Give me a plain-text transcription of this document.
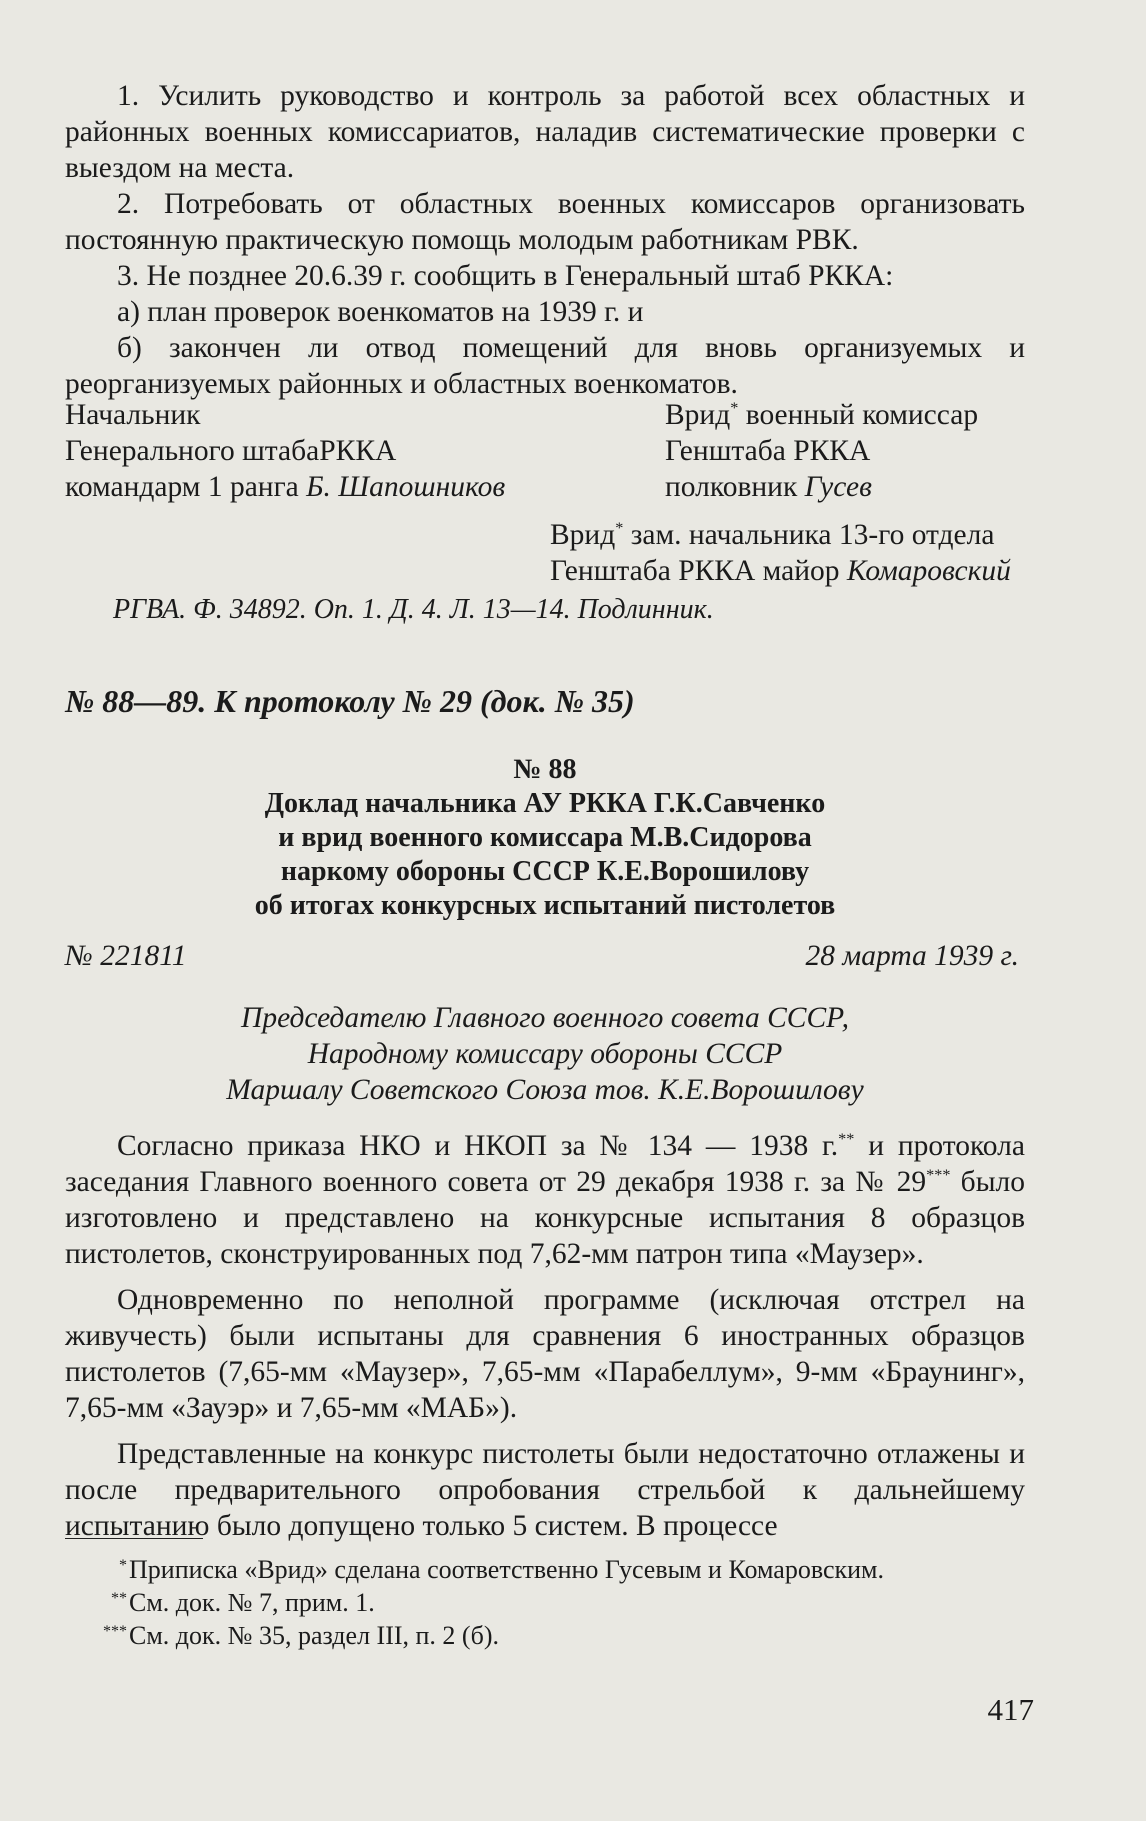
1. Усилить руководство и контроль за работой всех областных и районных военных комиссариатов, наладив систематические проверки с выездом на места.

2. Потребовать от областных военных комиссаров организовать постоянную практическую помощь молодым работникам РВК.

3. Не позднее 20.6.39 г. сообщить в Генеральный штаб РККА:

а) план проверок военкоматов на 1939 г. и

б) закончен ли отвод помещений для вновь организуемых и реорганизуемых районных и областных военкоматов.

Начальник

Генерального штабаРККА

командарм 1 ранга Б. Шапошников

Врид* военный комиссар

Генштаба РККА

полковник Гусев

Врид* зам. начальника 13-го отдела

Генштаба РККА майор Комаровский

РГВА. Ф. 34892. Оп. 1. Д. 4. Л. 13—14. Подлинник.

№ 88—89. К протоколу № 29 (док. № 35)

№ 88

Доклад начальника АУ РККА Г.К.Савченко

и врид военного комиссара М.В.Сидорова

наркому обороны СССР К.Е.Ворошилову

об итогах конкурсных испытаний пистолетов

№ 221811	28 марта 1939 г.

Председателю Главного военного совета СССР,

Народному комиссару обороны СССР

Маршалу Советского Союза тов. К.Е.Ворошилову

Согласно приказа НКО и НКОП за № 134 — 1938 г.** и протокола заседания Главного военного совета от 29 декабря 1938 г. за № 29*** было изготовлено и представлено на конкурсные испытания 8 образцов пистолетов, сконструированных под 7,62-мм патрон типа «Маузер».

Одновременно по неполной программе (исключая отстрел на живучесть) были испытаны для сравнения 6 иностранных образцов пистолетов (7,65-мм «Маузер», 7,65-мм «Парабеллум», 9-мм «Браунинг», 7,65-мм «Зауэр» и 7,65-мм «МАБ»).

Представленные на конкурс пистолеты были недостаточно отлажены и после предварительного опробования стрельбой к дальнейшему испытанию было допущено только 5 систем. В процессе

* Приписка «Врид» сделана соответственно Гусевым и Комаровским.

** См. док. № 7, прим. 1.

*** См. док. № 35, раздел III, п. 2 (б).

417
